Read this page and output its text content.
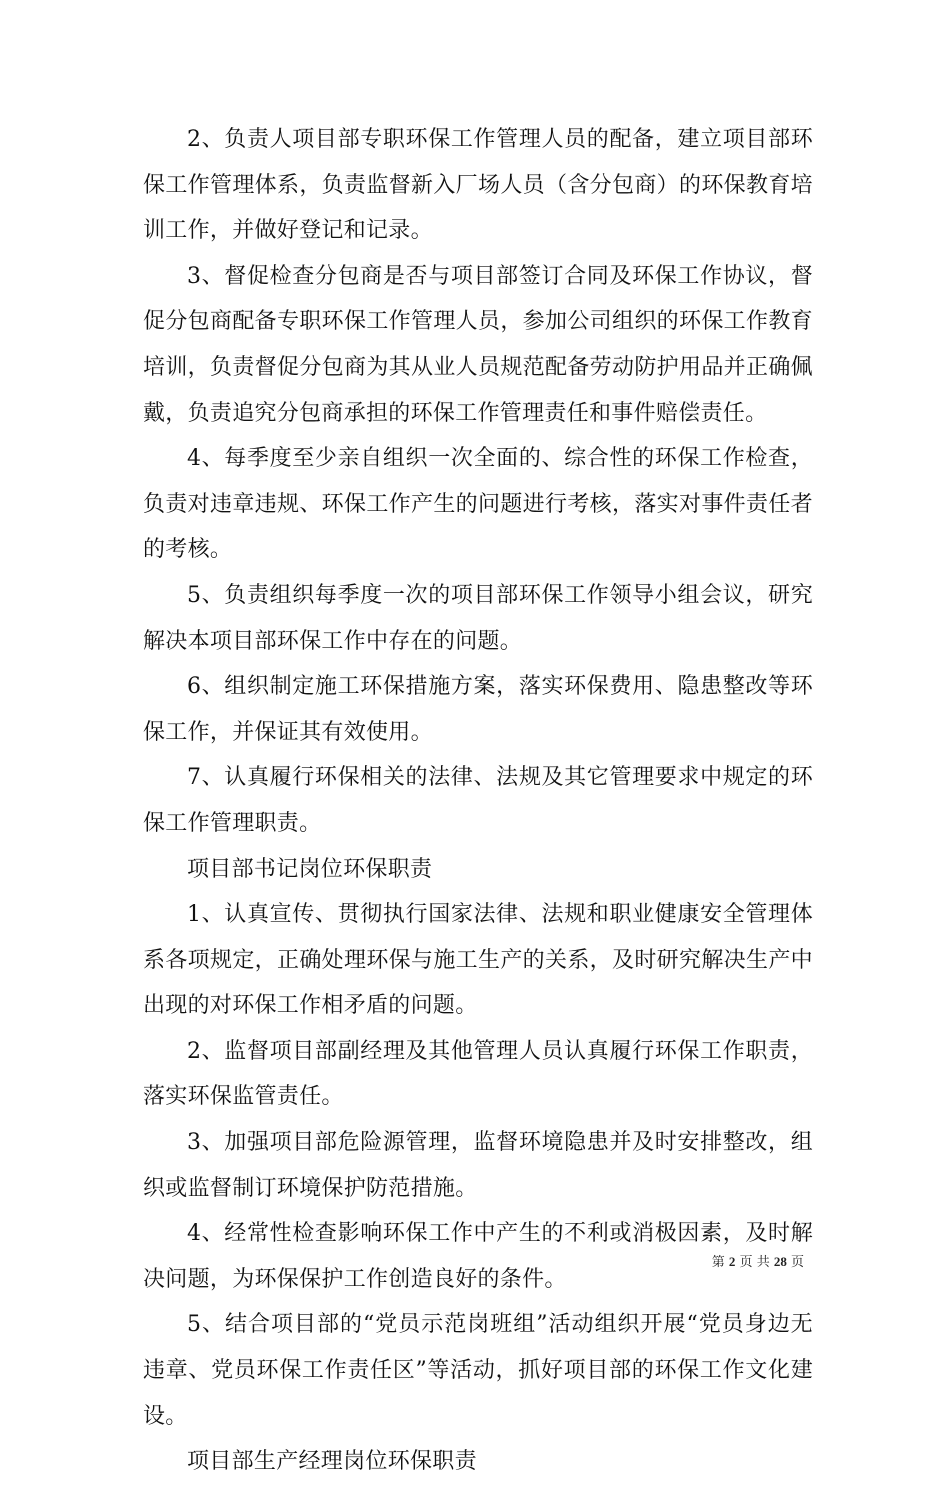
2、负责人项目部专职环保工作管理人员的配备，建立项目部环保工作管理体系，负责监督新入厂场人员（含分包商）的环保教育培训工作，并做好登记和记录。

3、督促检查分包商是否与项目部签订合同及环保工作协议，督促分包商配备专职环保工作管理人员，参加公司组织的环保工作教育培训，负责督促分包商为其从业人员规范配备劳动防护用品并正确佩戴，负责追究分包商承担的环保工作管理责任和事件赔偿责任。

4、每季度至少亲自组织一次全面的、综合性的环保工作检查，负责对违章违规、环保工作产生的问题进行考核，落实对事件责任者的考核。

5、负责组织每季度一次的项目部环保工作领导小组会议，研究解决本项目部环保工作中存在的问题。

6、组织制定施工环保措施方案，落实环保费用、隐患整改等环保工作，并保证其有效使用。

7、认真履行环保相关的法律、法规及其它管理要求中规定的环保工作管理职责。

项目部书记岗位环保职责

1、认真宣传、贯彻执行国家法律、法规和职业健康安全管理体系各项规定，正确处理环保与施工生产的关系，及时研究解决生产中出现的对环保工作相矛盾的问题。

2、监督项目部副经理及其他管理人员认真履行环保工作职责，落实环保监管责任。

3、加强项目部危险源管理，监督环境隐患并及时安排整改，组织或监督制订环境保护防范措施。

4、经常性检查影响环保工作中产生的不利或消极因素，及时解决问题，为环保保护工作创造良好的条件。

5、结合项目部的“党员示范岗班组”活动组织开展“党员身边无违章、党员环保工作责任区”等活动，抓好项目部的环保工作文化建设。

项目部生产经理岗位环保职责

第 2 页 共 28 页
